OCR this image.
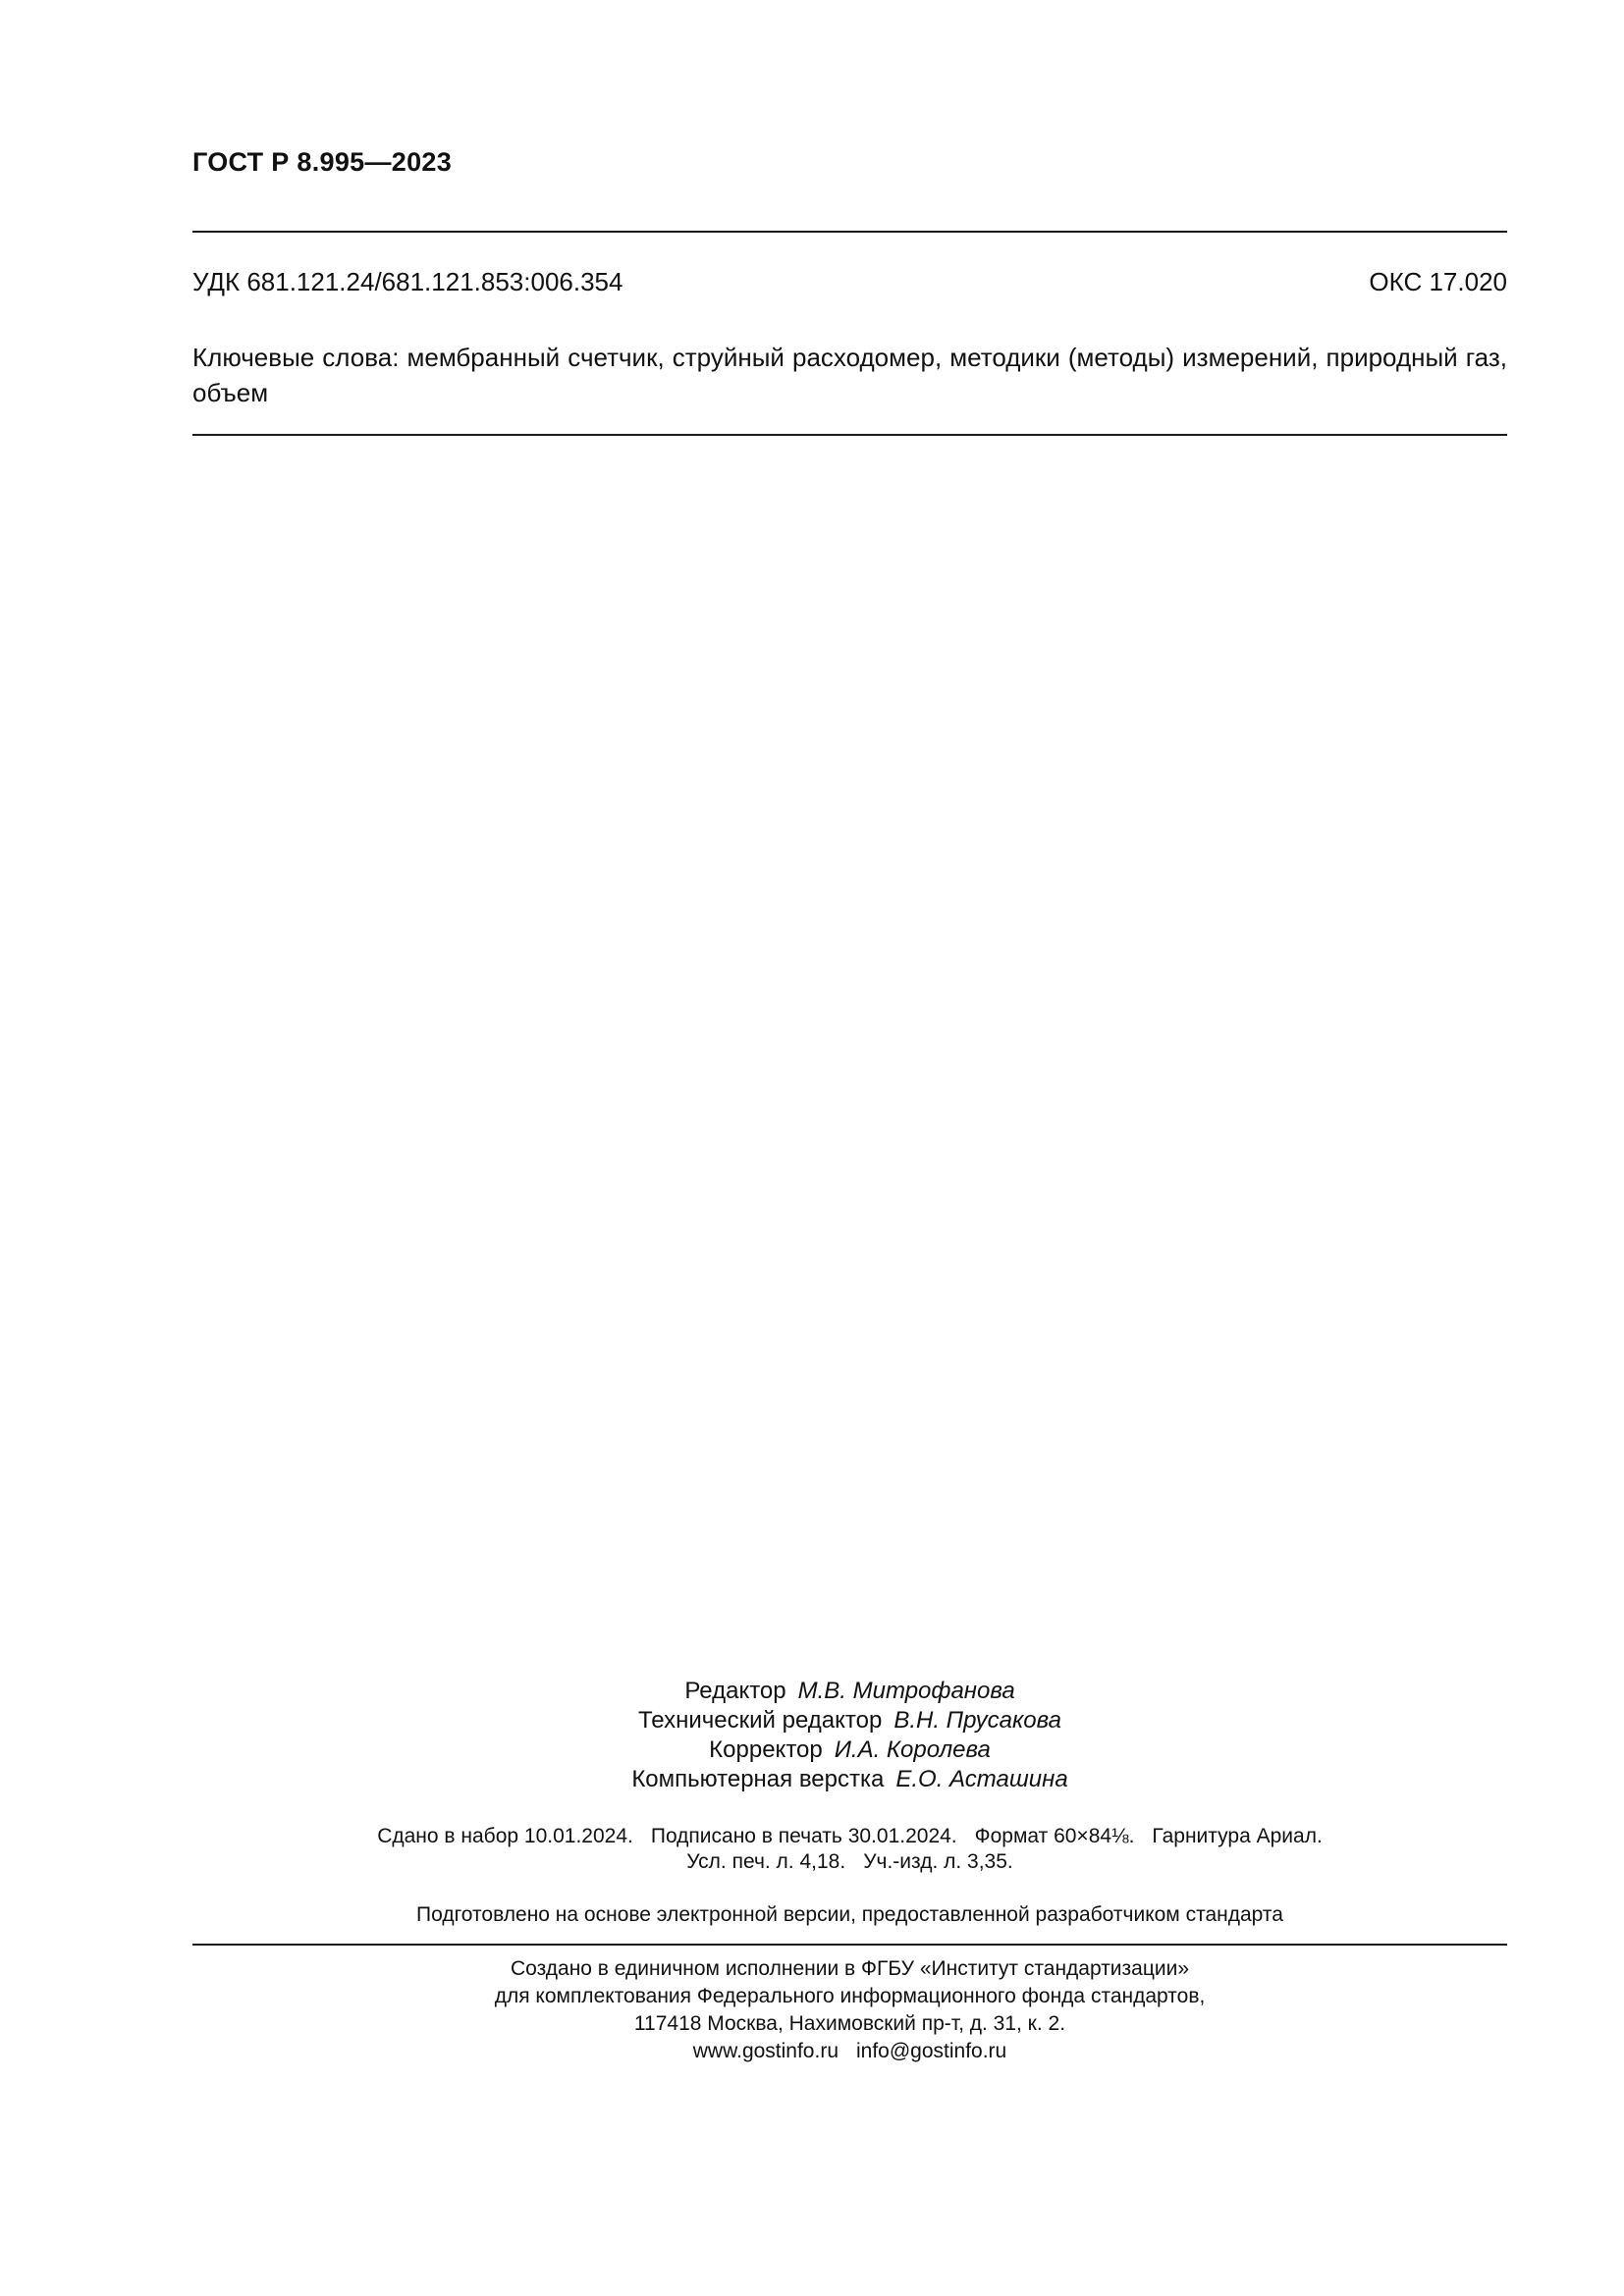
ГОСТ Р 8.995—2023
УДК 681.121.24/681.121.853:006.354	ОКС 17.020
Ключевые слова: мембранный счетчик, струйный расходомер, методики (методы) измерений, природный газ, объем
Редактор М.В. Митрофанова
Технический редактор В.Н. Прусакова
Корректор И.А. Королева
Компьютерная верстка Е.О. Асташина
Сдано в набор 10.01.2024. Подписано в печать 30.01.2024. Формат 60×84⅛. Гарнитура Ариал.
Усл. печ. л. 4,18. Уч.-изд. л. 3,35.
Подготовлено на основе электронной версии, предоставленной разработчиком стандарта
Создано в единичном исполнении в ФГБУ «Институт стандартизации»
для комплектования Федерального информационного фонда стандартов,
117418 Москва, Нахимовский пр-т, д. 31, к. 2.
www.gostinfo.ru info@gostinfo.ru
